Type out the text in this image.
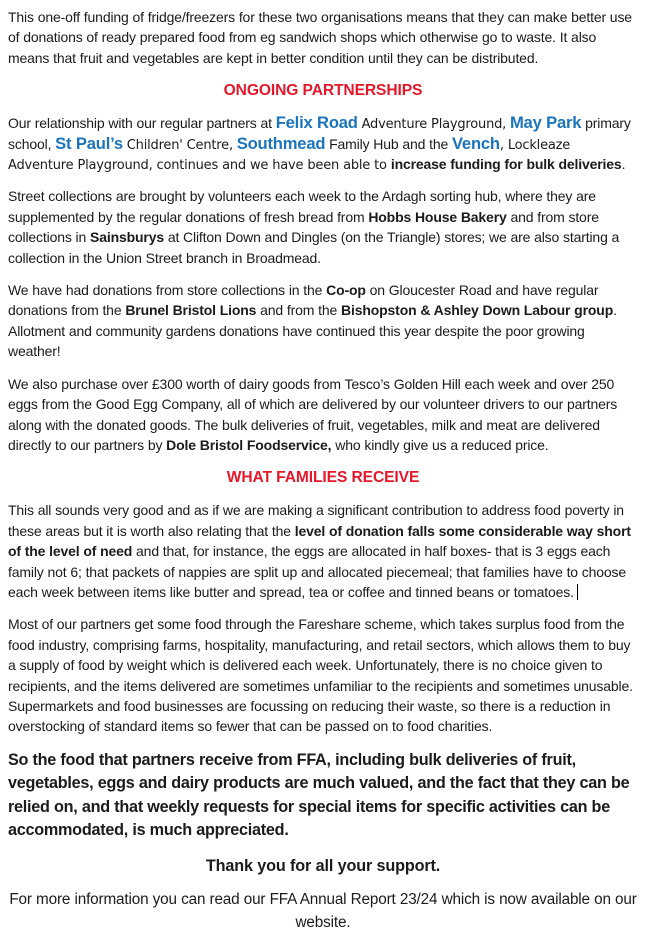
This one-off funding of fridge/freezers for these two organisations means that they can make better use of donations of ready prepared food from eg sandwich shops which otherwise go to waste. It also means that fruit and vegetables are kept in better condition until they can be distributed.

ONGOING PARTNERSHIPS

Our relationship with our regular partners at Felix Road Adventure Playground, May Park primary school, St Paul’s Children' Centre, Southmead Family Hub and the Vench, Lockleaze Adventure Playground, continues and we have been able to increase funding for bulk deliveries.

Street collections are brought by volunteers each week to the Ardagh sorting hub, where they are supplemented by the regular donations of fresh bread from Hobbs House Bakery and from store collections in Sainsburys at Clifton Down and Dingles (on the Triangle) stores; we are also starting a collection in the Union Street branch in Broadmead.

We have had donations from store collections in the Co-op on Gloucester Road and have regular donations from the Brunel Bristol Lions and from the Bishopston & Ashley Down Labour group. Allotment and community gardens donations have continued this year despite the poor growing weather!

We also purchase over £300 worth of dairy goods from Tesco’s Golden Hill each week and over 250 eggs from the Good Egg Company, all of which are delivered by our volunteer drivers to our partners along with the donated goods. The bulk deliveries of fruit, vegetables, milk and meat are delivered directly to our partners by Dole Bristol Foodservice, who kindly give us a reduced price.

WHAT FAMILIES RECEIVE

This all sounds very good and as if we are making a significant contribution to address food poverty in these areas but it is worth also relating that the level of donation falls some considerable way short of the level of need and that, for instance, the eggs are allocated in half boxes- that is 3 eggs each family not 6; that packets of nappies are split up and allocated piecemeal; that families have to choose each week between items like butter and spread, tea or coffee and tinned beans or tomatoes.

Most of our partners get some food through the Fareshare scheme, which takes surplus food from the food industry, comprising farms, hospitality, manufacturing, and retail sectors, which allows them to buy a supply of food by weight which is delivered each week. Unfortunately, there is no choice given to recipients, and the items delivered are sometimes unfamiliar to the recipients and sometimes unusable. Supermarkets and food businesses are focussing on reducing their waste, so there is a reduction in overstocking of standard items so fewer that can be passed on to food charities.

So the food that partners receive from FFA, including bulk deliveries of fruit, vegetables, eggs and dairy products are much valued, and the fact that they can be relied on, and that weekly requests for special items for specific activities can be accommodated, is much appreciated.

Thank you for all your support.

For more information you can read our FFA Annual Report 23/24 which is now available on our website.
